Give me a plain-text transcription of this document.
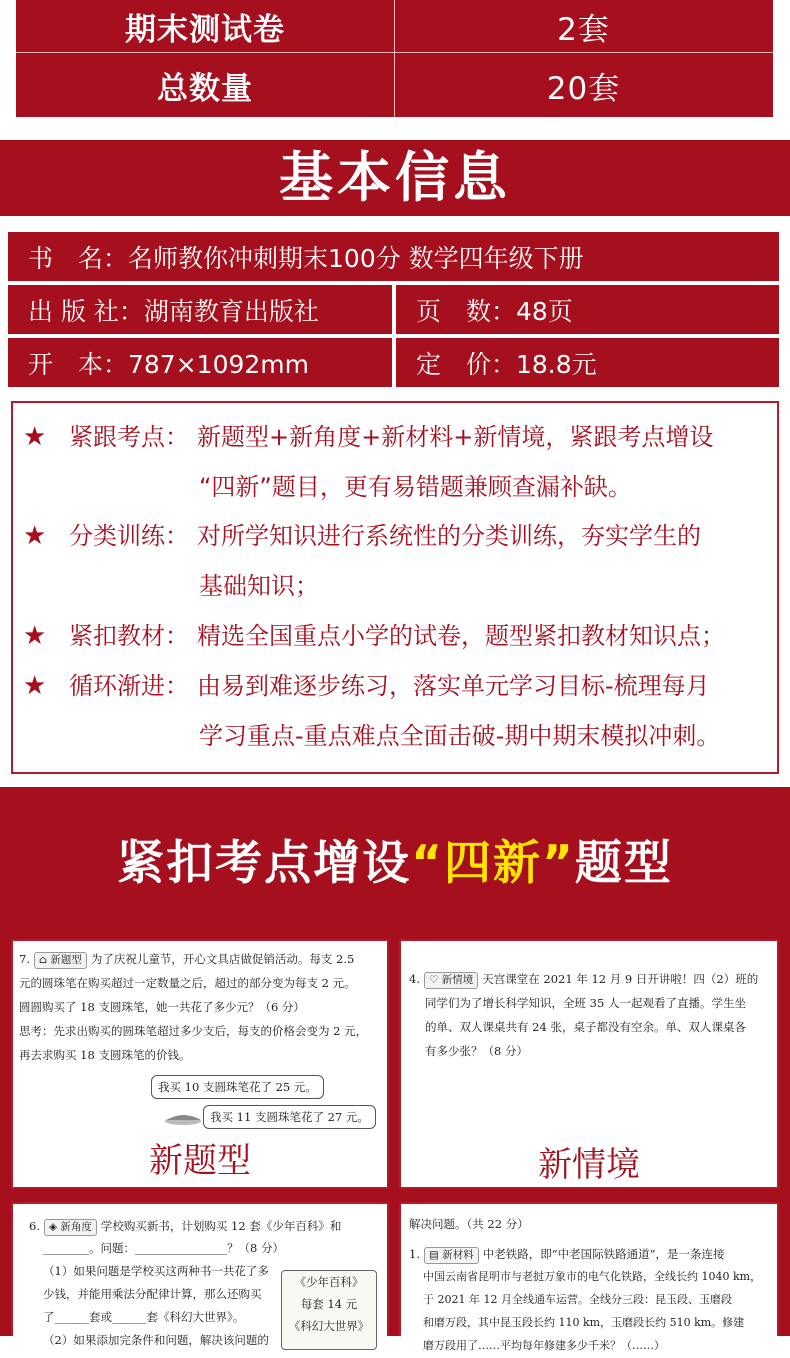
期末测试卷	2套
总数量	20套
基本信息
书　名：名师教你冲刺期末100分 数学四年级下册
出 版 社：湖南教育出版社	页　数：48页
开　本：787×1092mm	定　价：18.8元
★ 紧跟考点： 新题型+新角度+新材料+新情境，紧跟考点增设
“四新”题目，更有易错题兼顾查漏补缺。
★ 分类训练： 对所学知识进行系统性的分类训练，夯实学生的
基础知识；
★ 紧扣教材： 精选全国重点小学的试卷，题型紧扣教材知识点；
★ 循环渐进： 由易到难逐步练习，落实单元学习目标-梳理每月
学习重点-重点难点全面击破-期中期末模拟冲刺。
紧扣考点增设“四新”题型
7. ⌂ 新题型 为了庆祝儿童节，开心文具店做促销活动。每支 2.5
元的圆珠笔在购买超过一定数量之后，超过的部分变为每支 2 元。
圆圆购买了 18 支圆珠笔，她一共花了多少元？（6 分）
思考：先求出购买的圆珠笔超过多少支后，每支的价格会变为 2 元，
再去求购买 18 支圆珠笔的价钱。
我买 10 支圆珠笔花了 25 元。
我买 11 支圆珠笔花了 27 元。
新题型
4. ♡ 新情境 天宫课堂在 2021 年 12 月 9 日开讲啦！四（2）班的
同学们为了增长科学知识，全班 35 人一起观看了直播。学生坐
的单、双人课桌共有 24 张，桌子都没有空余。单、双人课桌各
有多少张？（8 分）
新情境
6. ◈ 新角度 学校购买新书，计划购买 12 套《少年百科》和
________。问题：________________？（8 分）
（1）如果问题是学校买这两种书一共花了多
少钱，并能用乘法分配律计算，那么还购买
了______套或______套《科幻大世界》。
（2）如果添加完条件和问题，解决该问题的
《少年百科》
每套 14 元
《科幻大世界》
解决问题。（共 22 分）
1. ▤ 新材料 中老铁路，即“中老国际铁路通道”，是一条连接
中国云南省昆明市与老挝万象市的电气化铁路，全线长约 1040 km，
于 2021 年 12 月全线通车运营。全线分三段：昆玉段、玉磨段
和磨万段，其中昆玉段长约 110 km，玉磨段长约 510 km。修建
磨万段用了……平均每年修建多少千米？（……）
